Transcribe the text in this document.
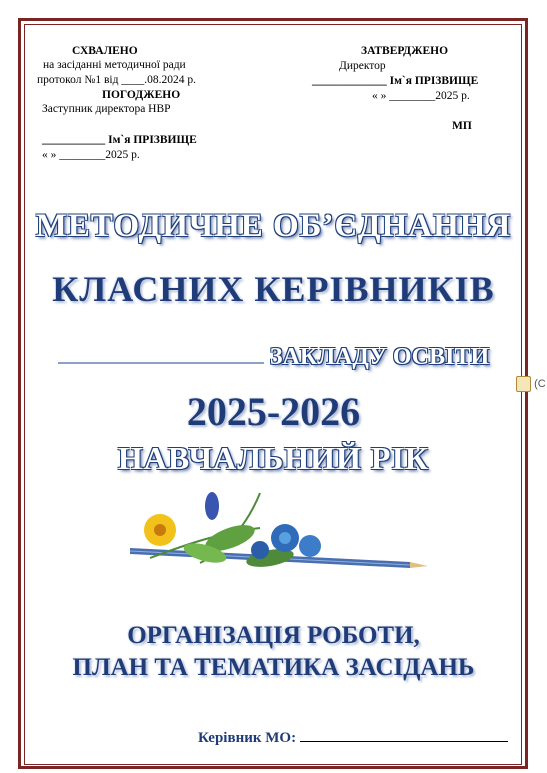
СХВАЛЕНО
на засіданні методичної ради
протокол №1 від ____.08.2024 р.
ПОГОДЖЕНО
Заступник директора НВР
___________ Ім`я ПРІЗВИЩЕ
« » ________2025 р.
ЗАТВЕРДЖЕНО
Директор
_____________ Ім`я ПРІЗВИЩЕ
« » ________2025 р.
МП
МЕТОДИЧНЕ ОБ’ЄДНАННЯ
КЛАСНИХ КЕРІВНИКІВ
ЗАКЛАДУ ОСВІТИ
2025-2026
НАВЧАЛЬНИЙ РІК
ОРГАНІЗАЦІЯ РОБОТИ,
ПЛАН ТА ТЕМАТИКА ЗАСІДАНЬ
Керівник МО:
(С
